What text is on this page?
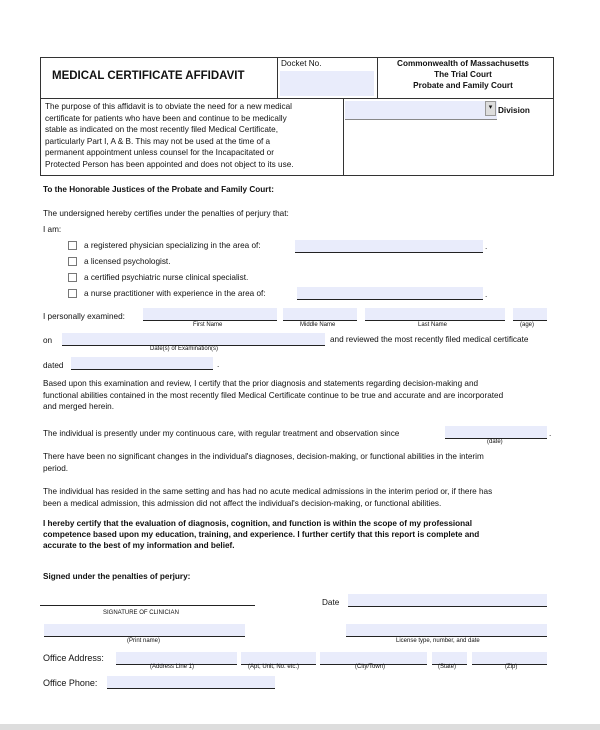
MEDICAL CERTIFICATE AFFIDAVIT
Docket No.	Commonwealth of Massachusetts
The Trial Court
Probate and Family Court
The purpose of this affidavit is to obviate the need for a new medical
certificate for patients who have been and continue to be medically
stable as indicated on the most recently filed Medical Certificate,
particularly Part I, A & B. This may not be used at the time of a
permanent appointment unless counsel for the Incapacitated or
Protected Person has been appointed and does not object to its use.
▾ Division
To the Honorable Justices of the Probate and Family Court:
The undersigned hereby certifies under the penalties of perjury that:
I am:
a registered physician specializing in the area of:	.
a licensed psychologist.
a certified psychiatric nurse clinical specialist.
a nurse practitioner with experience in the area of:	.
I personally examined:
First Name	Middle Name	Last Name	(age)
on
Date(s) of Examination(s)
and reviewed the most recently filed medical certificate
dated	.
Based upon this examination and review, I certify that the prior diagnosis and statements regarding decision-making and
functional abilities contained in the most recently filed Medical Certificate continue to be true and accurate and are incorporated
and merged herein.
The individual is presently under my continuous care, with regular treatment and observation since	.
(date)
There have been no significant changes in the individual's diagnoses, decision-making, or functional abilities in the interim
period.
The individual has resided in the same setting and has had no acute medical admissions in the interim period or, if there has
been a medical admission, this admission did not affect the individual's decision-making, or functional abilities.
I hereby certify that the evaluation of diagnosis, cognition, and function is within the scope of my professional
competence based upon my education, training, and experience. I further certify that this report is complete and
accurate to the best of my information and belief.
Signed under the penalties of perjury:
SIGNATURE OF CLINICIAN
Date
(Print name)	License type, number, and date
Office Address:
(Address Line 1)	(Apt, Unit, No. etc.)	(City/Town)	(State)	(Zip)
Office Phone:
